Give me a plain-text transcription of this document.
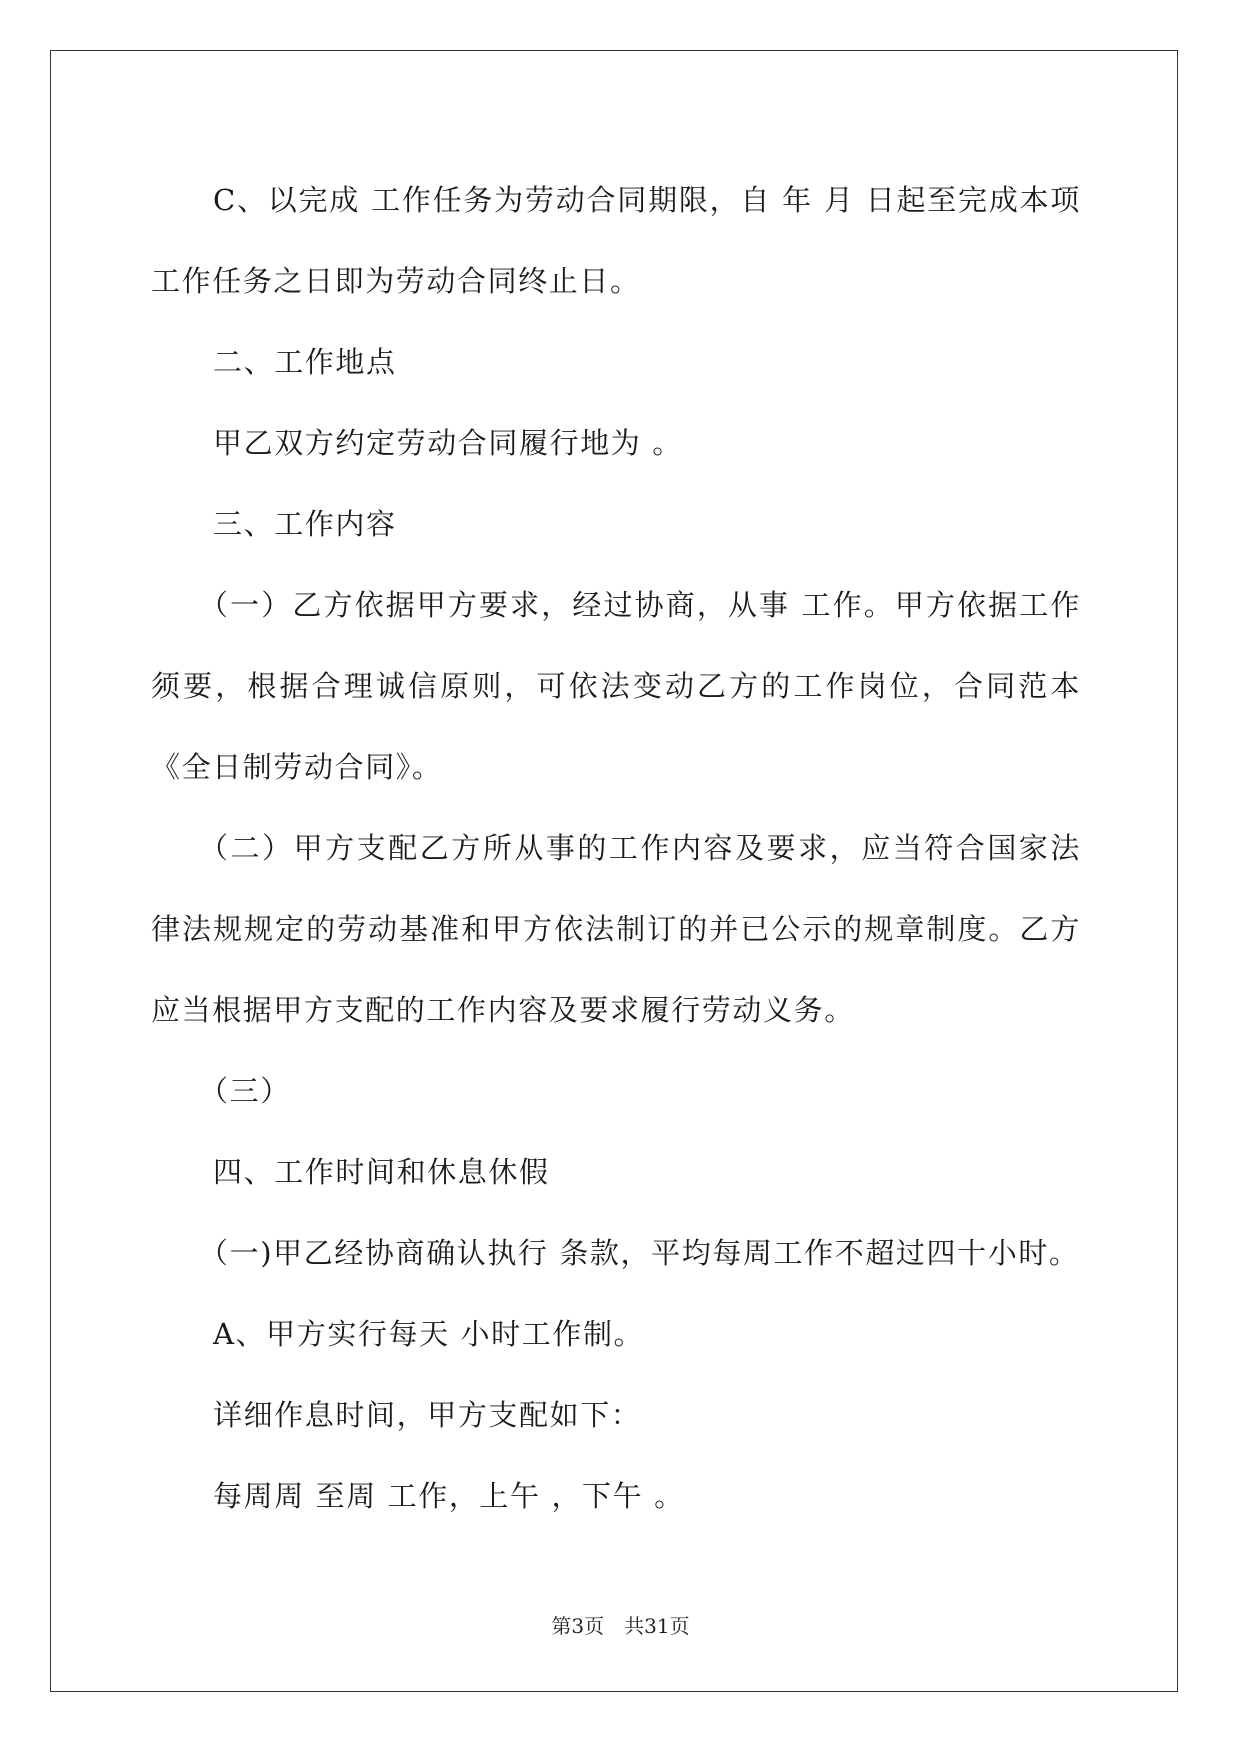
C、以完成 工作任务为劳动合同期限，自 年 月 日起至完成本项工作任务之日即为劳动合同终止日。

二、工作地点

甲乙双方约定劳动合同履行地为 。

三、工作内容

（一）乙方依据甲方要求，经过协商，从事 工作。甲方依据工作须要，根据合理诚信原则，可依法变动乙方的工作岗位，合同范本《全日制劳动合同》。

（二）甲方支配乙方所从事的工作内容及要求，应当符合国家法律法规规定的劳动基准和甲方依法制订的并已公示的规章制度。乙方应当根据甲方支配的工作内容及要求履行劳动义务。

（三）

四、工作时间和休息休假

（一)甲乙经协商确认执行 条款，平均每周工作不超过四十小时。

A、甲方实行每天 小时工作制。

详细作息时间，甲方支配如下：

每周周 至周 工作，上午 ，下午 。

第3页 共31页
